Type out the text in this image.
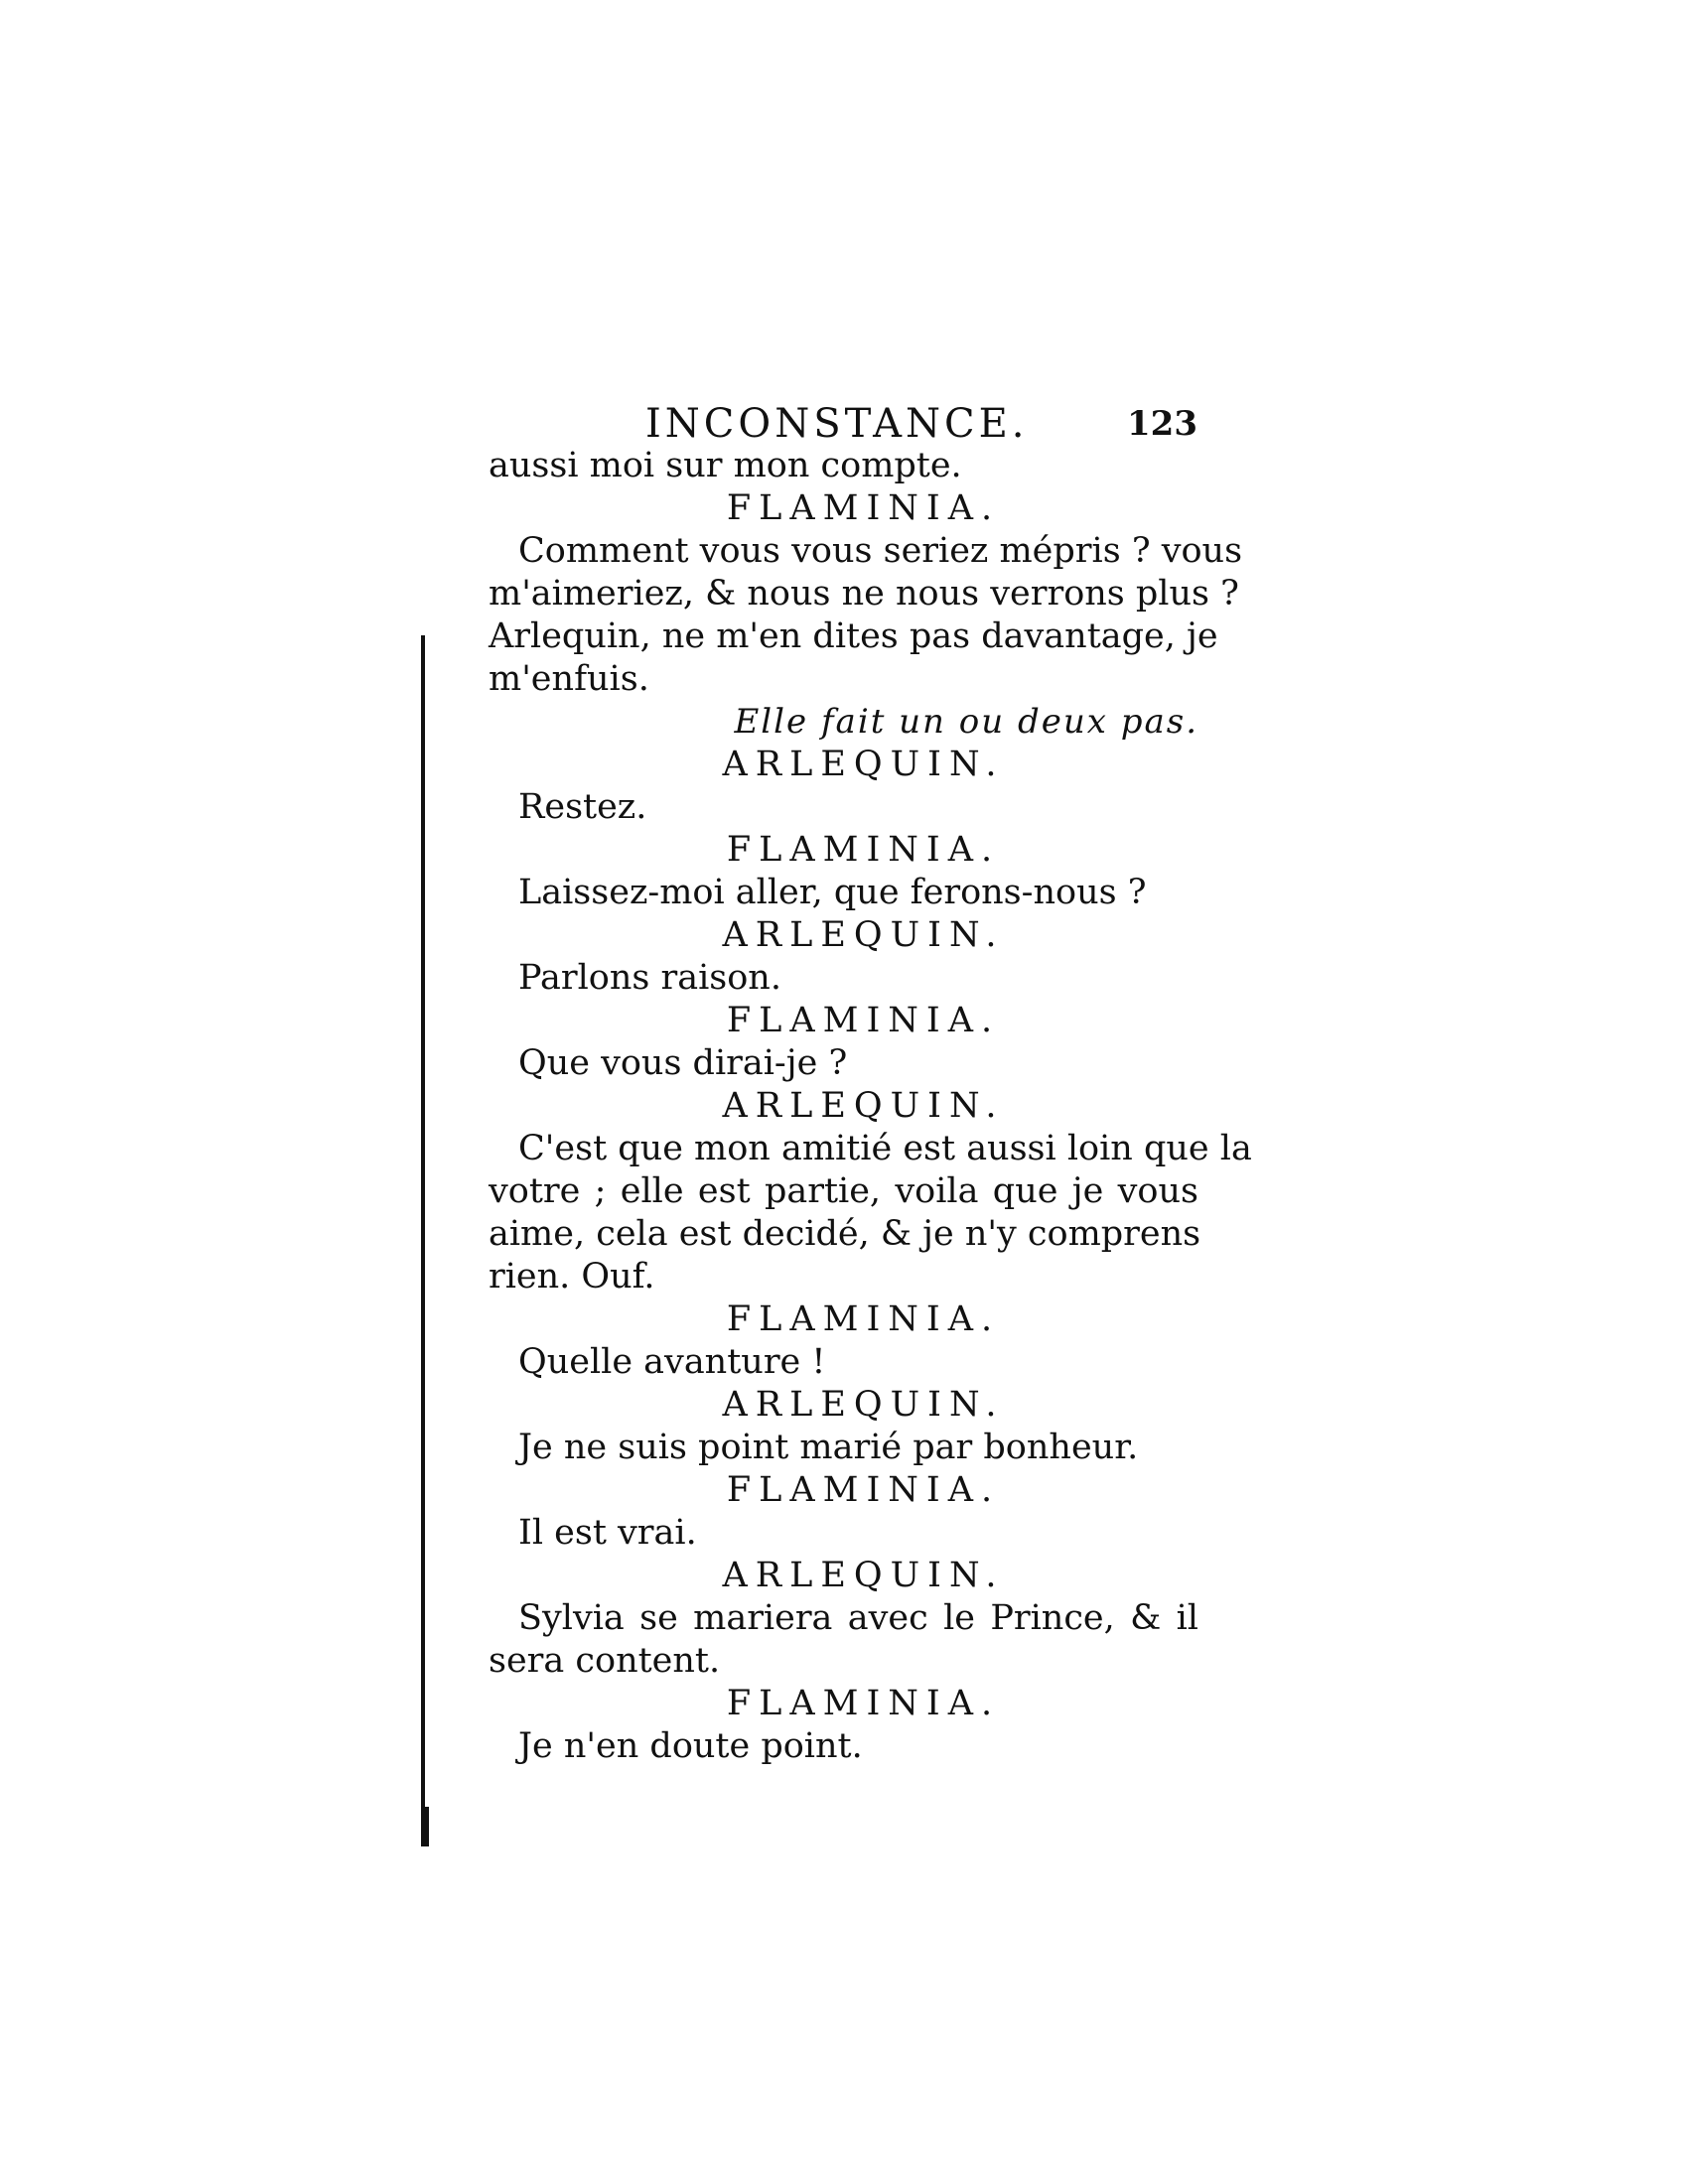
INCONSTANCE.	123
aussi moi sur mon compte.
FLAMINIA.
Comment vous vous seriez mépris ? vous
m'aimeriez, & nous ne nous verrons plus ?
Arlequin, ne m'en dites pas davantage, je
m'enfuis.
Elle fait un ou deux pas.
ARLEQUIN.
Restez.
FLAMINIA.
Laissez-moi aller, que ferons-nous ?
ARLEQUIN.
Parlons raison.
FLAMINIA.
Que vous dirai-je ?
ARLEQUIN.
C'est que mon amitié est aussi loin que la
votre ; elle est partie, voila que je vous
aime, cela est decidé, & je n'y comprens
rien. Ouf.
FLAMINIA.
Quelle avanture !
ARLEQUIN.
Je ne suis point marié par bonheur.
FLAMINIA.
Il est vrai.
ARLEQUIN.
Sylvia se mariera avec le Prince, & il
sera content.
FLAMINIA.
Je n'en doute point.
